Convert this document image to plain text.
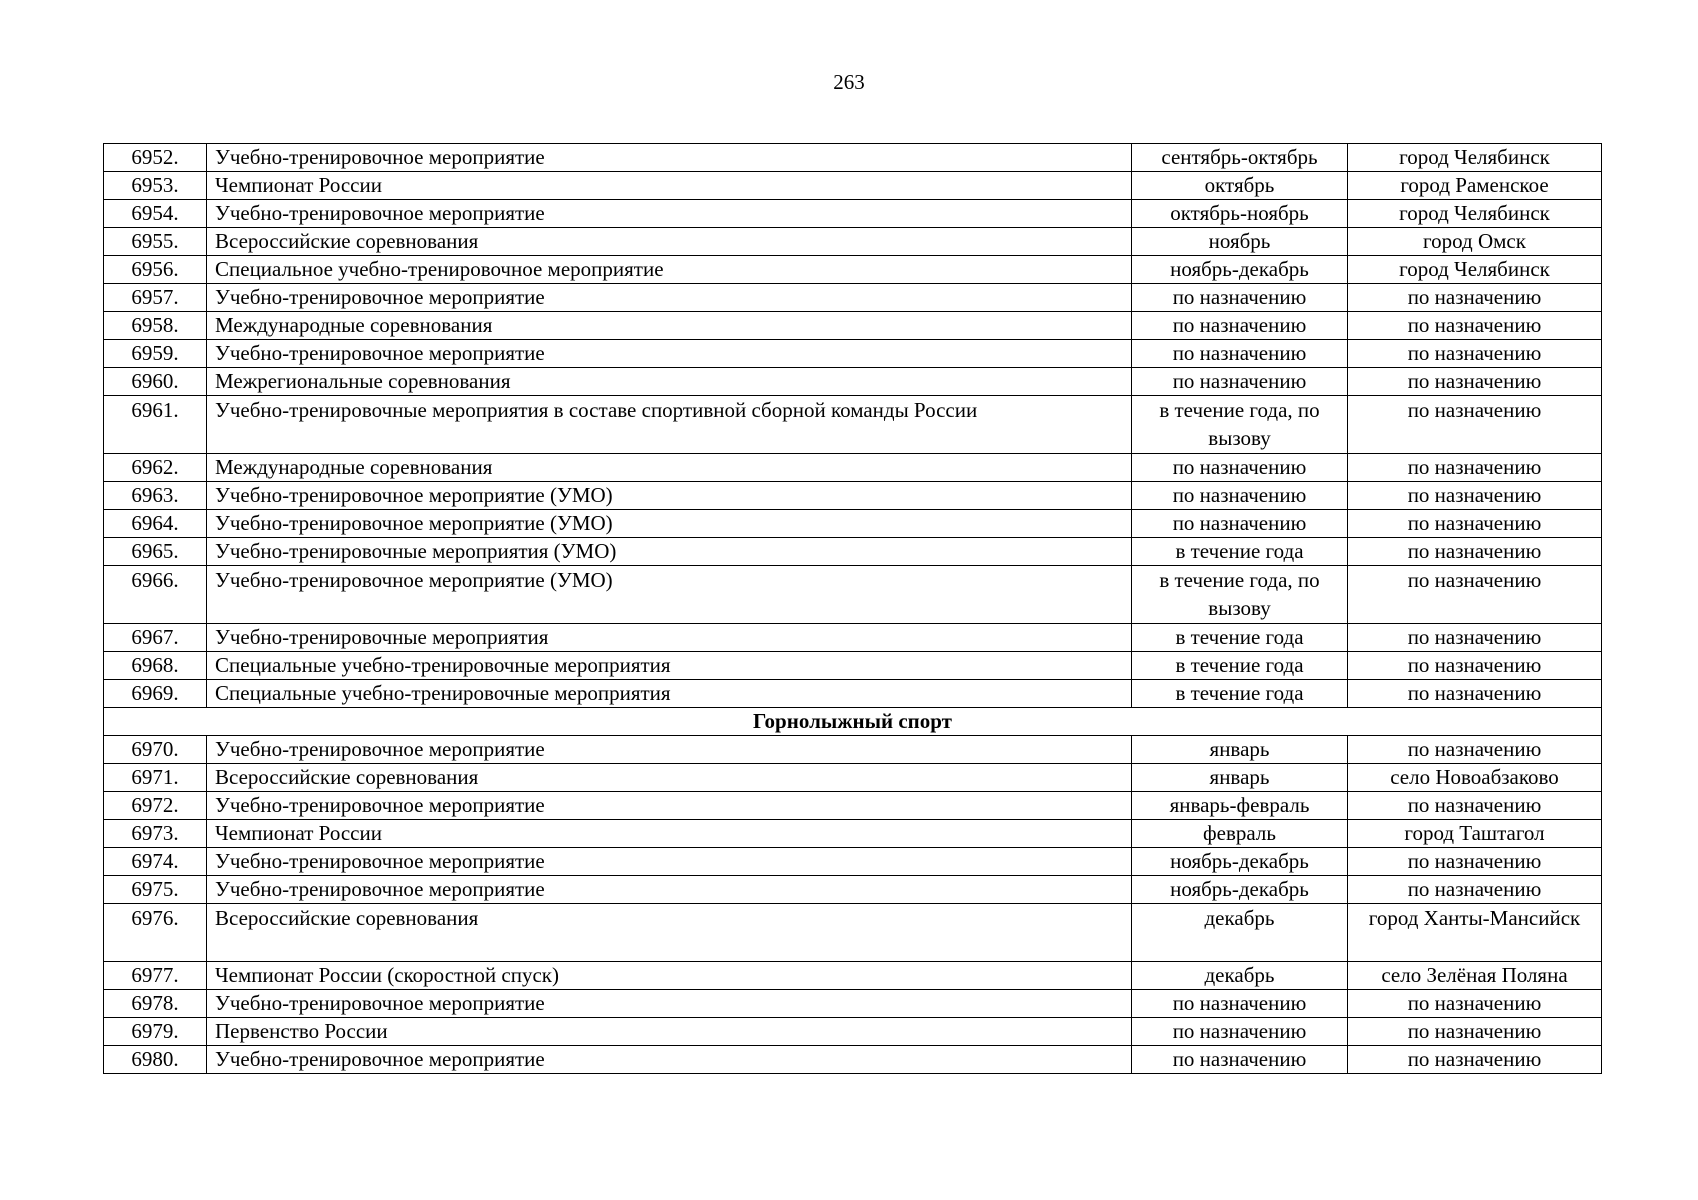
263
6952.	Учебно-тренировочное мероприятие	сентябрь-октябрь	город Челябинск
6953.	Чемпионат России	октябрь	город Раменское
6954.	Учебно-тренировочное мероприятие	октябрь-ноябрь	город Челябинск
6955.	Всероссийские соревнования	ноябрь	город Омск
6956.	Специальное учебно-тренировочное мероприятие	ноябрь-декабрь	город Челябинск
6957.	Учебно-тренировочное мероприятие	по назначению	по назначению
6958.	Международные соревнования	по назначению	по назначению
6959.	Учебно-тренировочное мероприятие	по назначению	по назначению
6960.	Межрегиональные соревнования	по назначению	по назначению
6961.	Учебно-тренировочные мероприятия в составе спортивной сборной команды России	в течение года, по вызову	по назначению
6962.	Международные соревнования	по назначению	по назначению
6963.	Учебно-тренировочное мероприятие (УМО)	по назначению	по назначению
6964.	Учебно-тренировочное мероприятие (УМО)	по назначению	по назначению
6965.	Учебно-тренировочные мероприятия (УМО)	в течение года	по назначению
6966.	Учебно-тренировочное мероприятие (УМО)	в течение года, по вызову	по назначению
6967.	Учебно-тренировочные мероприятия	в течение года	по назначению
6968.	Специальные учебно-тренировочные мероприятия	в течение года	по назначению
6969.	Специальные учебно-тренировочные мероприятия	в течение года	по назначению
Горнолыжный спорт			
6970.	Учебно-тренировочное мероприятие	январь	по назначению
6971.	Всероссийские соревнования	январь	село Новоабзаково
6972.	Учебно-тренировочное мероприятие	январь-февраль	по назначению
6973.	Чемпионат России	февраль	город Таштагол
6974.	Учебно-тренировочное мероприятие	ноябрь-декабрь	по назначению
6975.	Учебно-тренировочное мероприятие	ноябрь-декабрь	по назначению
6976.	Всероссийские соревнования	декабрь	город Ханты-Мансийск
6977.	Чемпионат России (скоростной спуск)	декабрь	село Зелёная Поляна
6978.	Учебно-тренировочное мероприятие	по назначению	по назначению
6979.	Первенство России	по назначению	по назначению
6980.	Учебно-тренировочное мероприятие	по назначению	по назначению
